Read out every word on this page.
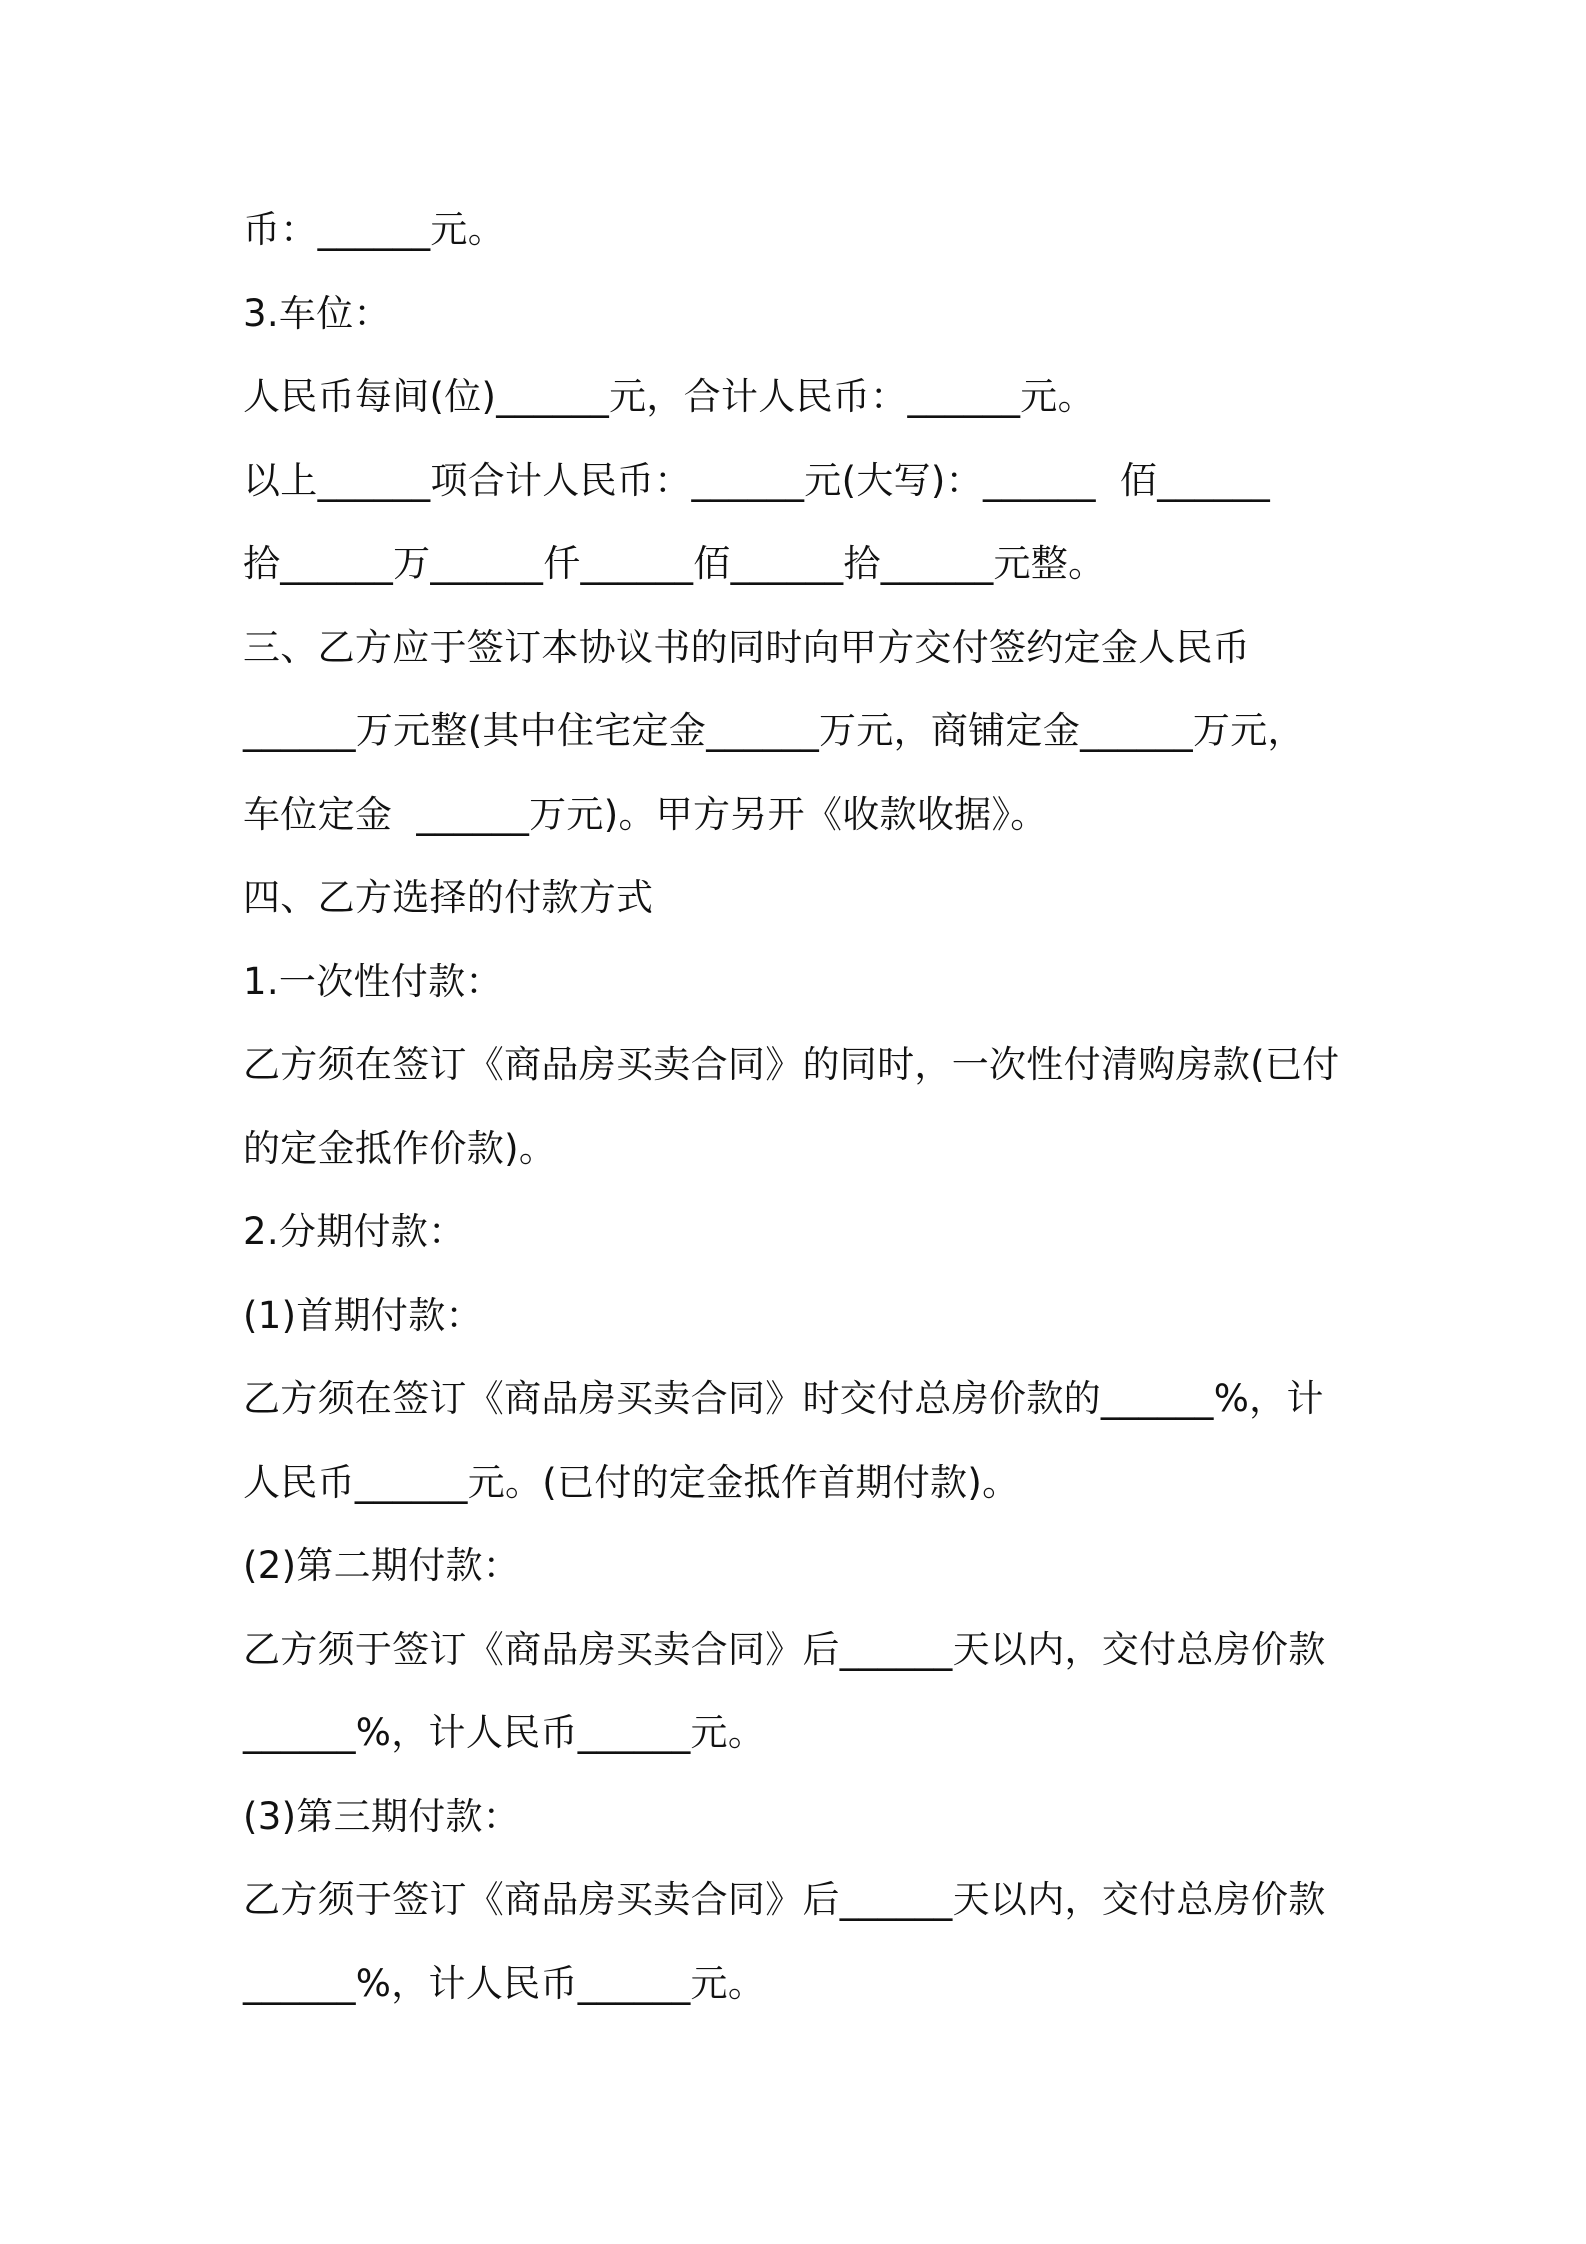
币：______元。
3.车位：
人民币每间(位)______元，合计人民币：______元。
以上______项合计人民币：______元(大写)：______  佰______
拾______万______仟______佰______拾______元整。
三、乙方应于签订本协议书的同时向甲方交付签约定金人民币
______万元整(其中住宅定金______万元，商铺定金______万元，
车位定金  ______万元)。甲方另开《收款收据》。
四、乙方选择的付款方式
1.一次性付款：
乙方须在签订《商品房买卖合同》的同时，一次性付清购房款(已付
的定金抵作价款)。
2.分期付款：
(1)首期付款：
乙方须在签订《商品房买卖合同》时交付总房价款的______%，计
人民币______元。(已付的定金抵作首期付款)。
(2)第二期付款：
乙方须于签订《商品房买卖合同》后______天以内，交付总房价款
______%，计人民币______元。
(3)第三期付款：
乙方须于签订《商品房买卖合同》后______天以内，交付总房价款
______%，计人民币______元。
